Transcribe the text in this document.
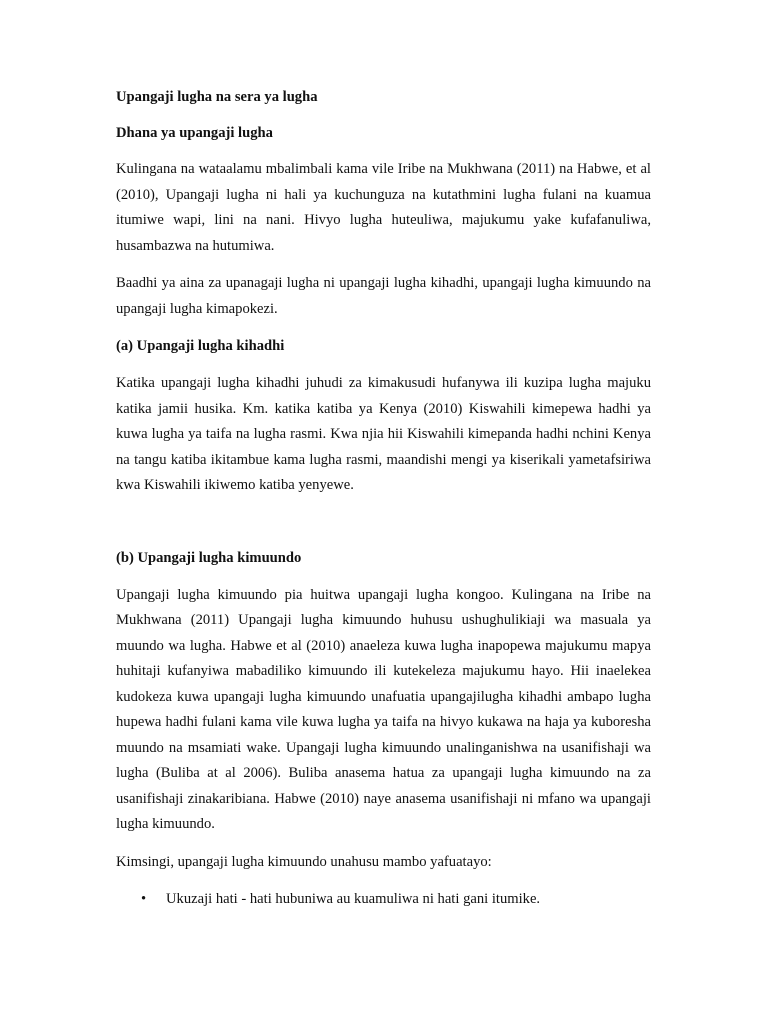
Upangaji lugha na sera ya lugha

Dhana ya upangaji lugha

Kulingana na wataalamu mbalimbali kama vile Iribe na Mukhwana (2011) na Habwe, et al (2010), Upangaji lugha ni hali ya kuchunguza na kutathmini lugha fulani na kuamua itumiwe wapi, lini na nani. Hivyo lugha huteuliwa, majukumu yake kufafanuliwa, husambazwa na hutumiwa.

Baadhi ya aina za upanagaji lugha ni upangaji lugha kihadhi, upangaji lugha kimuundo na upangaji lugha kimapokezi.

(a) Upangaji lugha kihadhi

Katika upangaji lugha kihadhi juhudi za kimakusudi hufanywa ili kuzipa lugha majuku katika jamii husika. Km. katika katiba ya Kenya (2010) Kiswahili kimepewa hadhi ya kuwa lugha ya taifa na lugha rasmi. Kwa njia hii Kiswahili kimepanda hadhi nchini Kenya na tangu katiba ikitambue kama lugha rasmi, maandishi mengi ya kiserikali yametafsiriwa kwa Kiswahili ikiwemo katiba yenyewe.

(b) Upangaji lugha kimuundo

Upangaji lugha kimuundo pia huitwa upangaji lugha kongoo. Kulingana na Iribe na Mukhwana (2011) Upangaji lugha kimuundo huhusu ushughulikiaji wa masuala ya muundo wa lugha. Habwe et al (2010) anaeleza kuwa lugha inapopewa majukumu mapya huhitaji kufanyiwa mabadiliko kimuundo ili kutekeleza majukumu hayo. Hii inaelekea kudokeza kuwa upangaji lugha kimuundo unafuatia upangajilugha kihadhi ambapo lugha hupewa hadhi fulani kama vile kuwa lugha ya taifa na hivyo kukawa na haja ya kuboresha muundo na msamiati wake. Upangaji lugha kimuundo unalinganishwa na usanifishaji wa lugha (Buliba at al 2006). Buliba anasema hatua za upangaji lugha kimuundo na za usanifishaji zinakaribiana. Habwe (2010) naye anasema usanifishaji ni mfano wa upangaji lugha kimuundo.

Kimsingi, upangaji lugha kimuundo unahusu mambo yafuatayo:

• Ukuzaji hati - hati hubuniwa au kuamuliwa ni hati gani itumike.
